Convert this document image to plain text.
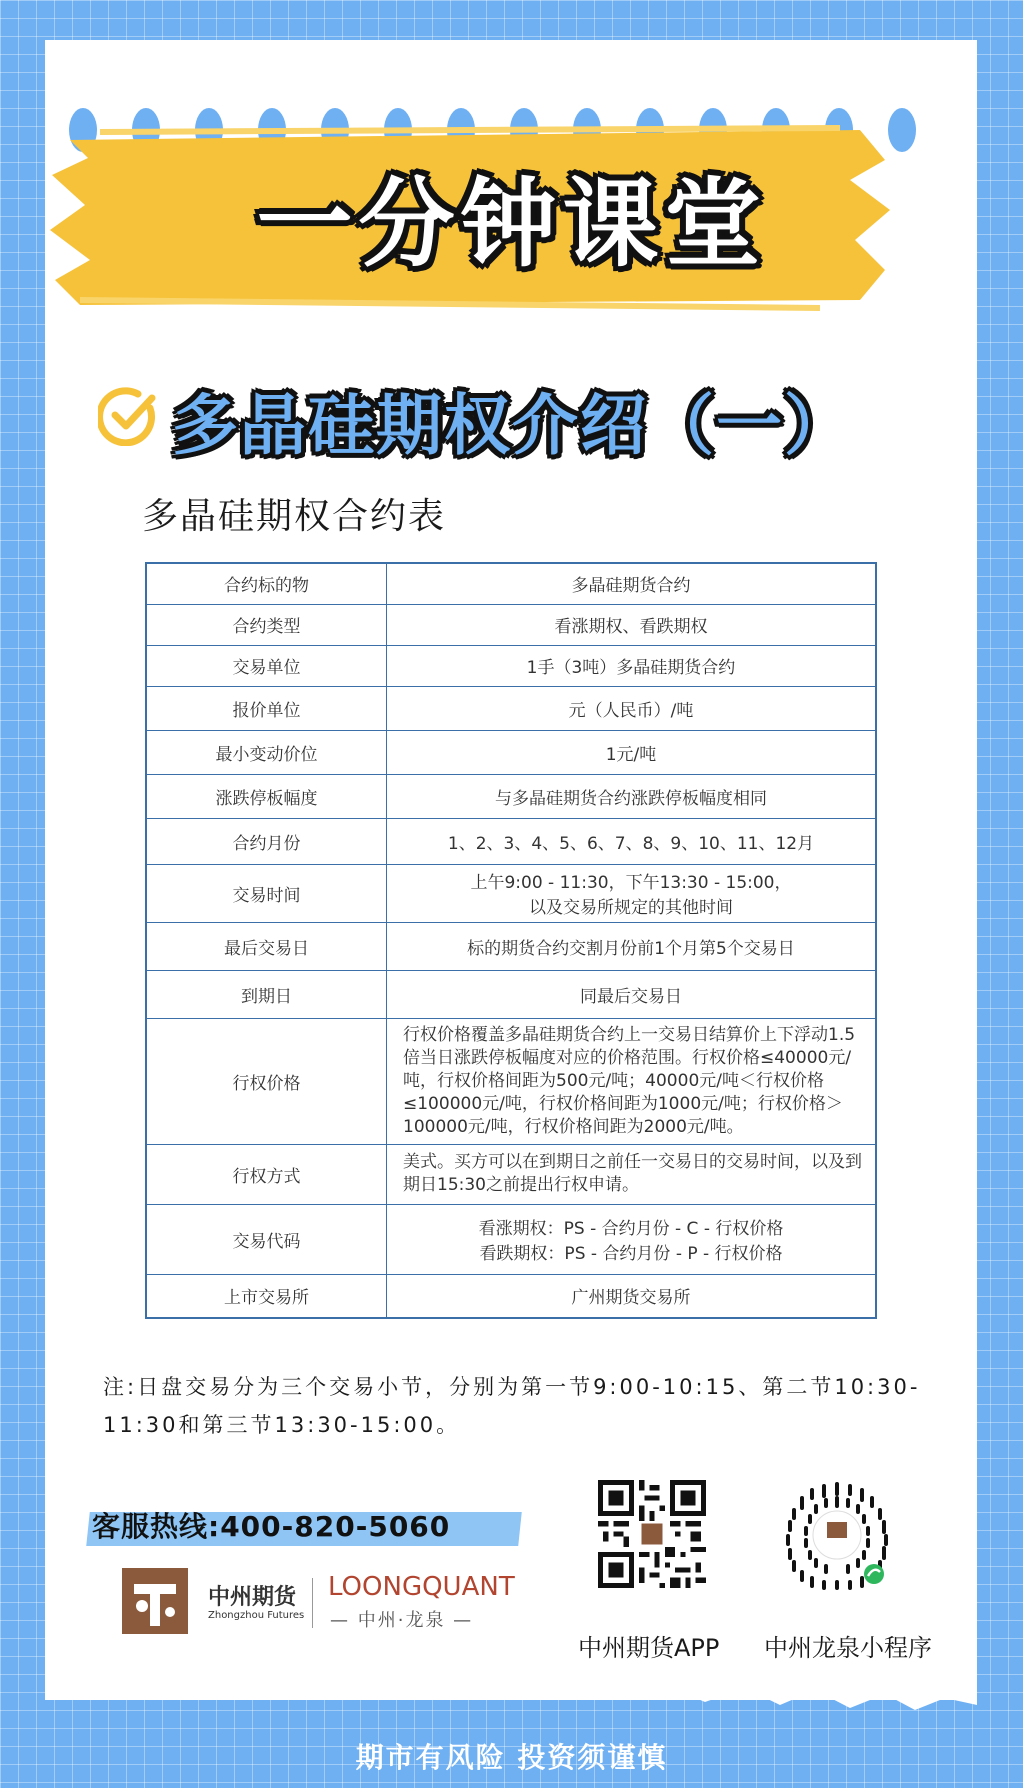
一分钟课堂
多晶硅期权介绍（一）
多晶硅期权合约表
合约标的物	多晶硅期货合约
合约类型	看涨期权、看跌期权
交易单位	1手（3吨）多晶硅期货合约
报价单位	元（人民币）/吨
最小变动价位	1元/吨
涨跌停板幅度	与多晶硅期货合约涨跌停板幅度相同
合约月份	1、2、3、4、5、6、7、8、9、10、11、12月
交易时间	上午9:00 - 11:30，下午13:30 - 15:00，
以及交易所规定的其他时间

最后交易日	标的期货合约交割月份前1个月第5个交易日
到期日	同最后交易日
行权价格	行权价格覆盖多晶硅期货合约上一交易日结算价上下浮动1.5倍当日涨跌停板幅度对应的价格范围。行权价格≤40000元/吨，行权价格间距为500元/吨；40000元/吨＜行权价格≤100000元/吨，行权价格间距为1000元/吨；行权价格＞100000元/吨，行权价格间距为2000元/吨。
行权方式	美式。买方可以在到期日之前任一交易日的交易时间，以及到期日15:30之前提出行权申请。
交易代码	看涨期权：PS - 合约月份 - C - 行权价格
看跌期权：PS - 合约月份 - P - 行权价格

上市交易所	广州期货交易所
注:日盘交易分为三个交易小节，分别为第一节9:00-10:15、第二节10:30-11:30和第三节13:30-15:00。
客服热线:400-820-5060
中州期货
Zhongzhou Futures
LOONGQUANT
— 中州·龙泉 —
中州期货APP 中州龙泉小程序
期市有风险 投资须谨慎
